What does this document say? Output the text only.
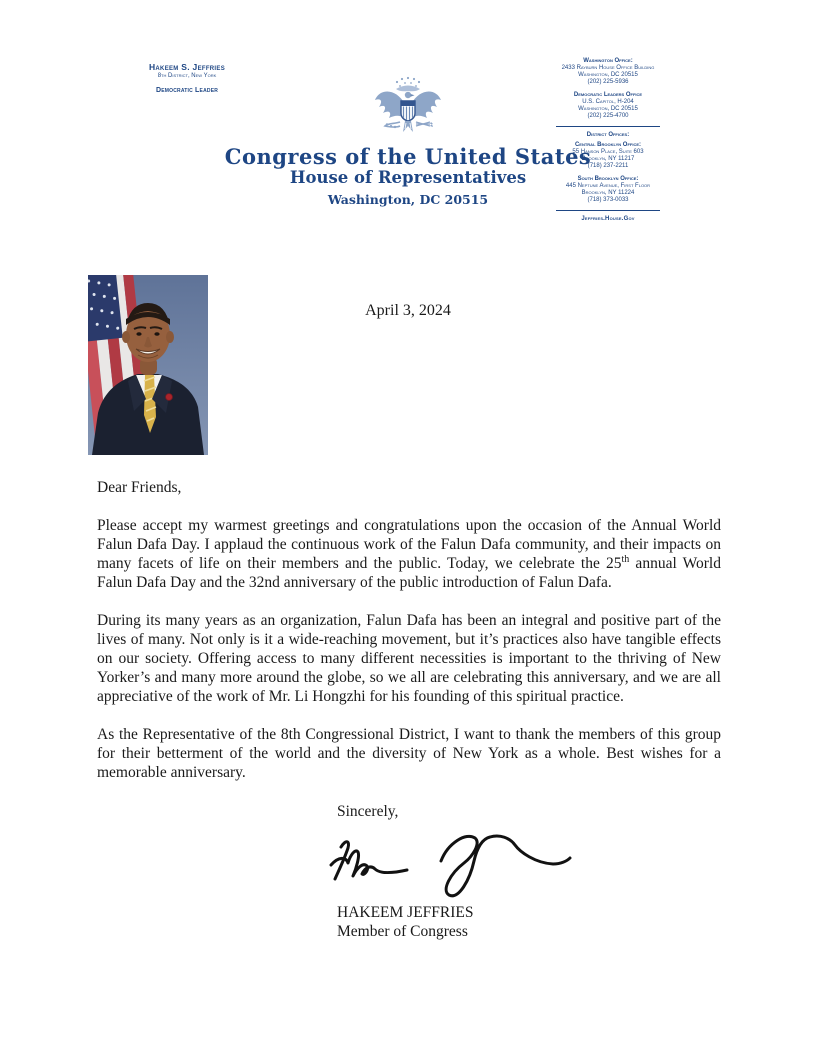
Hakeem S. Jeffries
8th District, New York
Democratic Leader
Congress of the United States
House of Representatives
Washington, DC 20515
Washington Office:
2433 Rayburn House Office Building
Washington, DC 20515
(202) 225-5936
Democratic Leaders Office
U.S. Capitol, H-204
Washington, DC 20515
(202) 225-4700
District Offices:
Central Brooklyn Office:
55 Hanson Place, Suite 603
Brooklyn, NY 11217
(718) 237-2211
South Brooklyn Office:
445 Neptune Avenue, First Floor
Brooklyn, NY 11224
(718) 373-0033
Jeffries.House.Gov
April 3, 2024

Dear Friends,

Please accept my warmest greetings and congratulations upon the occasion of the Annual World Falun Dafa Day. I applaud the continuous work of the Falun Dafa community, and their impacts on many facets of life on their members and the public. Today, we celebrate the 25th annual World Falun Dafa Day and the 32nd anniversary of the public introduction of Falun Dafa.

During its many years as an organization, Falun Dafa has been an integral and positive part of the lives of many. Not only is it a wide-reaching movement, but it’s practices also have tangible effects on our society. Offering access to many different necessities is important to the thriving of New Yorker’s and many more around the globe, so we all are celebrating this anniversary, and we are all appreciative of the work of Mr. Li Hongzhi for his founding of this spiritual practice.

As the Representative of the 8th Congressional District, I want to thank the members of this group for their betterment of the world and the diversity of New York as a whole. Best wishes for a memorable anniversary.

Sincerely,

HAKEEM JEFFRIES

Member of Congress
